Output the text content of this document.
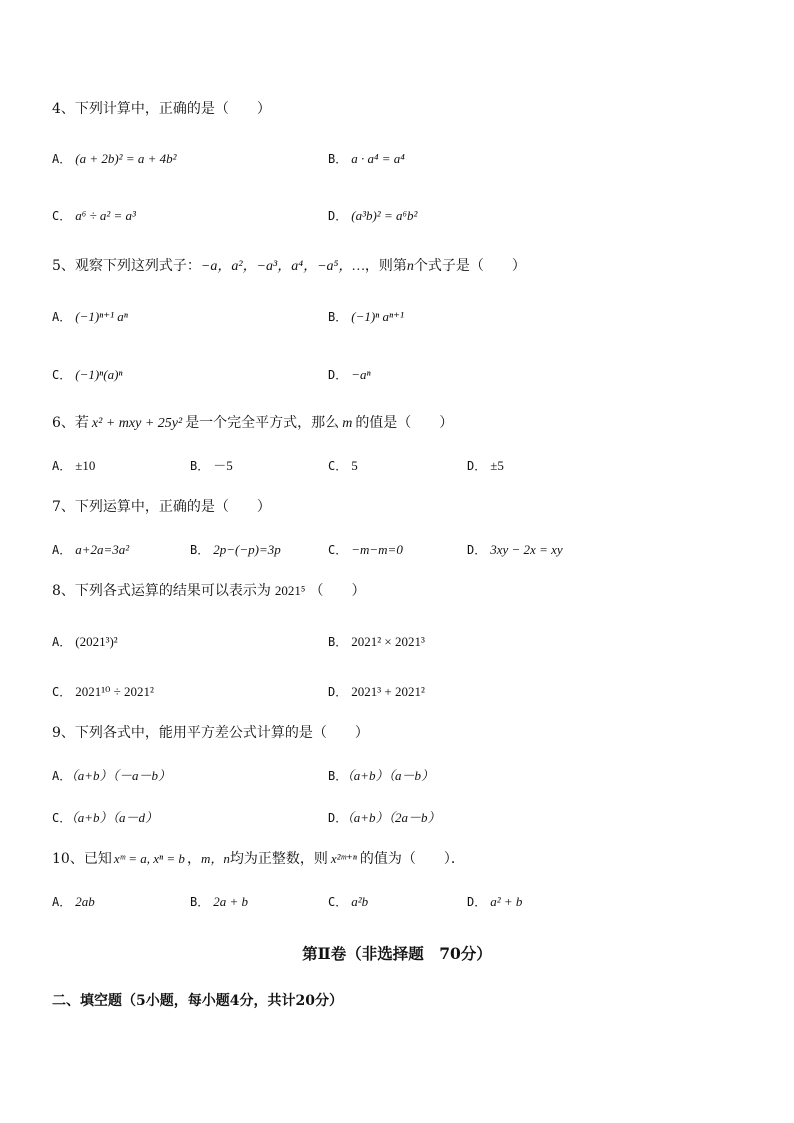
4、下列计算中，正确的是（　　）
A． (a + 2b)² = a + 4b²	B． a · a⁴ = a⁴
C． a⁶ ÷ a² = a³	D． (a³b)² = a⁶b²
5、观察下列这列式子：−a，a²，−a³，a⁴，−a⁵，…，则第n个式子是（　　）
A． (−1)ⁿ⁺¹ aⁿ	B． (−1)ⁿ aⁿ⁺¹
C． (−1)ⁿ(a)ⁿ	D． −aⁿ
6、若 x² + mxy + 25y² 是一个完全平方式，那么 m 的值是（　　）
A． ±10	B． －5	C． 5	D． ±5
7、下列运算中，正确的是（　　）
A． a+2a=3a²	B． 2p−(−p)=3p	C． −m−m=0	D． 3xy − 2x = xy
8、下列各式运算的结果可以表示为 2021⁵ （　　）
A． (2021³)²	B． 2021² × 2021³
C． 2021¹⁰ ÷ 2021²	D． 2021³ + 2021²
9、下列各式中，能用平方差公式计算的是（　　）
A．（a+b）（－a－b）	B．（a+b）（a－b）
C．（a+b）（a－d）	D．（a+b）（2a－b）
10、已知 xᵐ = a, xⁿ = b ，m，n均为正整数，则 x²ᵐ⁺ⁿ 的值为（　　）．
A． 2ab	B． 2a + b	C． a²b	D． a² + b
第Ⅱ卷（非选择题　70分）
二、填空题（5小题，每小题4分，共计20分）
